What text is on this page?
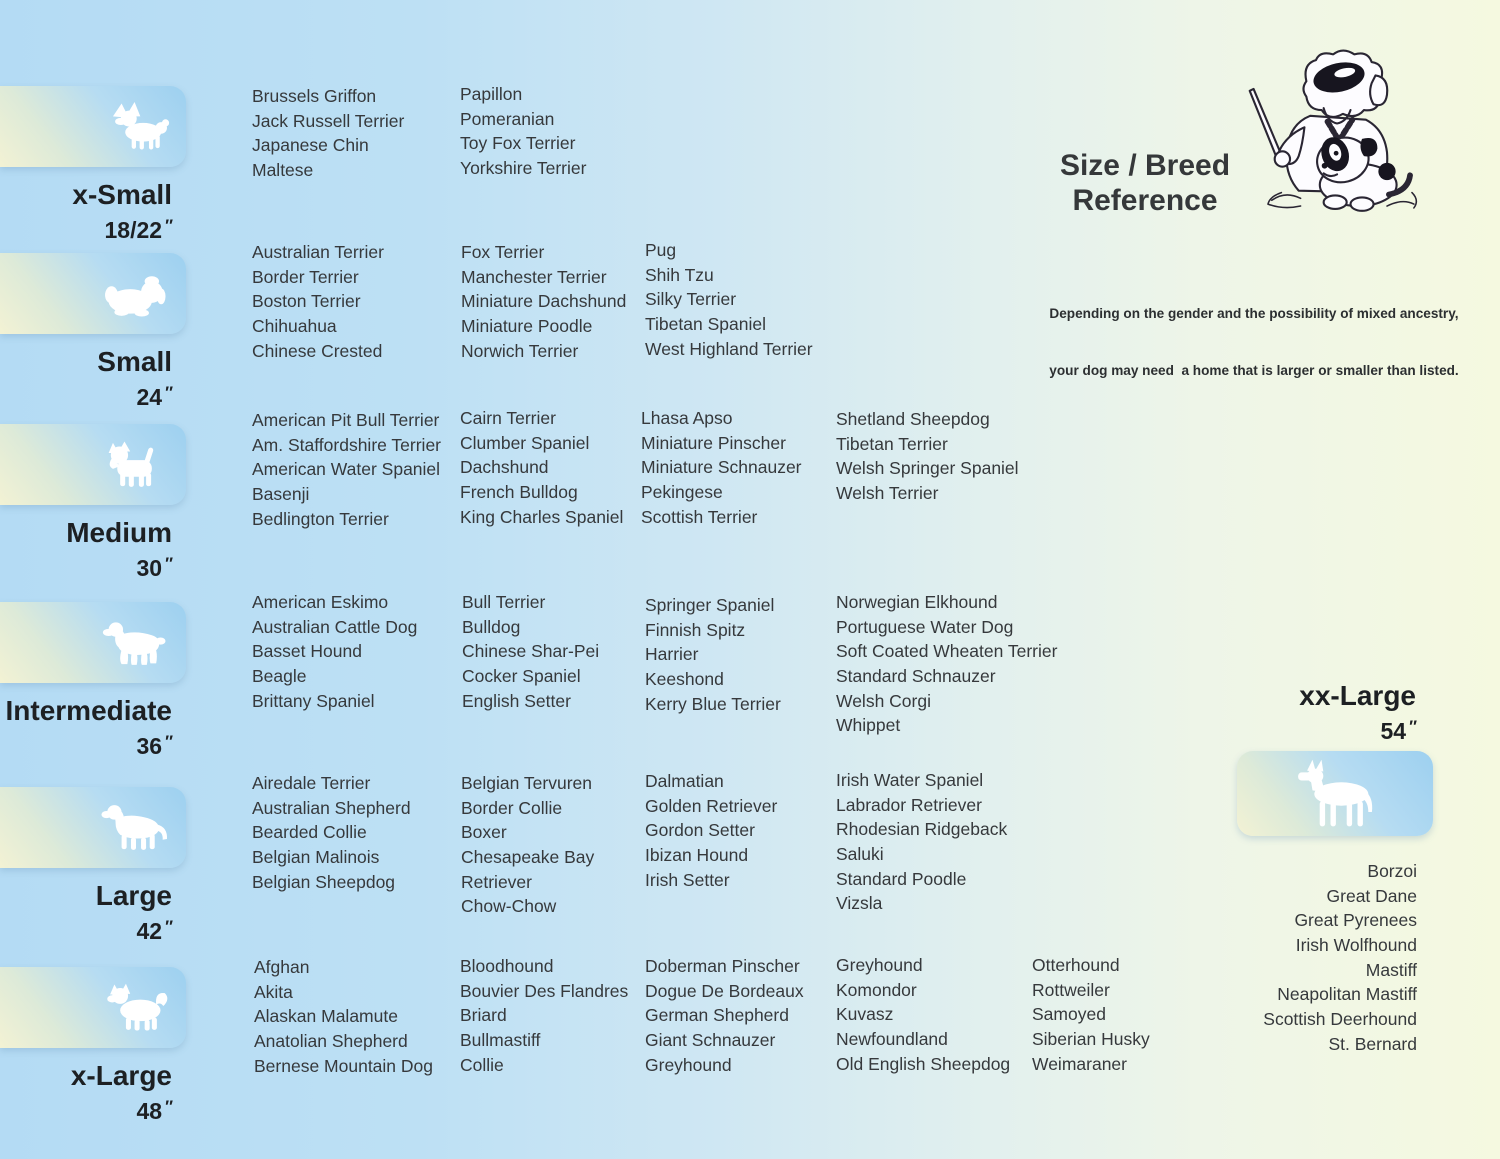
x-Small
18/22 ″
Small
24 ″
Medium
30 ″
Intermediate
36 ″
Large
42 ″
x-Large
48 ″
Brussels Griffon
Jack Russell Terrier
Japanese Chin
Maltese
Papillon
Pomeranian
Toy Fox Terrier
Yorkshire Terrier
Australian Terrier
Border Terrier
Boston Terrier
Chihuahua
Chinese Crested
Fox Terrier
Manchester Terrier
Miniature Dachshund
Miniature Poodle
Norwich Terrier
Pug
Shih Tzu
Silky Terrier
Tibetan Spaniel
West Highland Terrier
American Pit Bull Terrier
Am. Staffordshire Terrier
American Water Spaniel
Basenji
Bedlington Terrier
Cairn Terrier
Clumber Spaniel
Dachshund
French Bulldog
King Charles Spaniel
Lhasa Apso
Miniature Pinscher
Miniature Schnauzer
Pekingese
Scottish Terrier
Shetland Sheepdog
Tibetan Terrier
Welsh Springer Spaniel
Welsh Terrier
American Eskimo
Australian Cattle Dog
Basset Hound
Beagle
Brittany Spaniel
Bull Terrier
Bulldog
Chinese Shar-Pei
Cocker Spaniel
English Setter
Springer Spaniel
Finnish Spitz
Harrier
Keeshond
Kerry Blue Terrier
Norwegian Elkhound
Portuguese Water Dog
Soft Coated Wheaten Terrier
Standard Schnauzer
Welsh Corgi
Whippet
Airedale Terrier
Australian Shepherd
Bearded Collie
Belgian Malinois
Belgian Sheepdog
Belgian Tervuren
Border Collie
Boxer
Chesapeake Bay Retriever
Chow-Chow
Dalmatian
Golden Retriever
Gordon Setter
Ibizan Hound
Irish Setter
Irish Water Spaniel
Labrador Retriever
Rhodesian Ridgeback
Saluki
Standard Poodle
Vizsla
Afghan
Akita
Alaskan Malamute
Anatolian Shepherd
Bernese Mountain Dog
Bloodhound
Bouvier Des Flandres
Briard
Bullmastiff
Collie
Doberman Pinscher
Dogue De Bordeaux
German Shepherd
Giant Schnauzer
Greyhound
Greyhound
Komondor
Kuvasz
Newfoundland
Old English Sheepdog
Otterhound
Rottweiler
Samoyed
Siberian Husky
Weimaraner
Size / Breed
Reference

Depending on the gender and the possibility of mixed ancestry,

your dog may need  a home that is larger or smaller than listed.

xx-Large
54 ″
Borzoi
Great Dane
Great Pyrenees
Irish Wolfhound
Mastiff
Neapolitan Mastiff
Scottish Deerhound
St. Bernard
